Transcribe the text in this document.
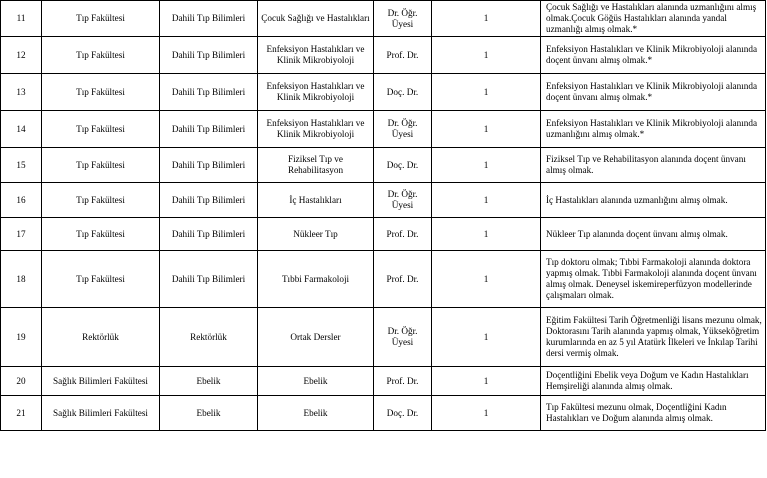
11	Tıp Fakültesi	Dahili Tıp Bilimleri	Çocuk Sağlığı ve Hastalıkları	Dr. Öğr. Üyesi	1	Çocuk Sağlığı ve Hastalıkları alanında uzmanlığını almış olmak.Çocuk Göğüs Hastalıkları alanında yandal uzmanlığı almış olmak.*
12	Tıp Fakültesi	Dahili Tıp Bilimleri	Enfeksiyon Hastalıkları ve Klinik Mikrobiyoloji	Prof. Dr.	1	Enfeksiyon Hastalıkları ve Klinik Mikrobiyoloji alanında doçent ünvanı almış olmak.*
13	Tıp Fakültesi	Dahili Tıp Bilimleri	Enfeksiyon Hastalıkları ve Klinik Mikrobiyoloji	Doç. Dr.	1	Enfeksiyon Hastalıkları ve Klinik Mikrobiyoloji alanında doçent ünvanı almış olmak.*
14	Tıp Fakültesi	Dahili Tıp Bilimleri	Enfeksiyon Hastalıkları ve Klinik Mikrobiyoloji	Dr. Öğr. Üyesi	1	Enfeksiyon Hastalıkları ve Klinik Mikrobiyoloji alanında uzmanlığını almış olmak.*
15	Tıp Fakültesi	Dahili Tıp Bilimleri	Fiziksel Tıp ve Rehabilitasyon	Doç. Dr.	1	Fiziksel Tıp ve Rehabilitasyon alanında doçent ünvanı almış olmak.
16	Tıp Fakültesi	Dahili Tıp Bilimleri	İç Hastalıkları	Dr. Öğr. Üyesi	1	İç Hastalıkları alanında uzmanlığını almış olmak.
17	Tıp Fakültesi	Dahili Tıp Bilimleri	Nükleer Tıp	Prof. Dr.	1	Nükleer Tıp alanında doçent ünvanı almış olmak.
18	Tıp Fakültesi	Dahili Tıp Bilimleri	Tıbbi Farmakoloji	Prof. Dr.	1	Tıp doktoru olmak; Tıbbi Farmakoloji alanında doktora yapmış olmak. Tıbbi Farmakoloji alanında doçent ünvanı almış olmak. Deneysel iskemireperfüzyon modellerinde çalışmaları olmak.
19	Rektörlük	Rektörlük	Ortak Dersler	Dr. Öğr. Üyesi	1	Eğitim Fakültesi Tarih Öğretmenliği lisans mezunu olmak, Doktorasını Tarih alanında yapmış olmak, Yükseköğretim kurumlarında en az 5 yıl Atatürk İlkeleri ve İnkılap Tarihi dersi vermiş olmak.
20	Sağlık Bilimleri Fakültesi	Ebelik	Ebelik	Prof. Dr.	1	Doçentliğini Ebelik veya Doğum ve Kadın Hastalıkları Hemşireliği alanında almış olmak.
21	Sağlık Bilimleri Fakültesi	Ebelik	Ebelik	Doç. Dr.	1	Tıp Fakültesi mezunu olmak, Doçentliğini Kadın Hastalıkları ve Doğum alanında almış olmak.
